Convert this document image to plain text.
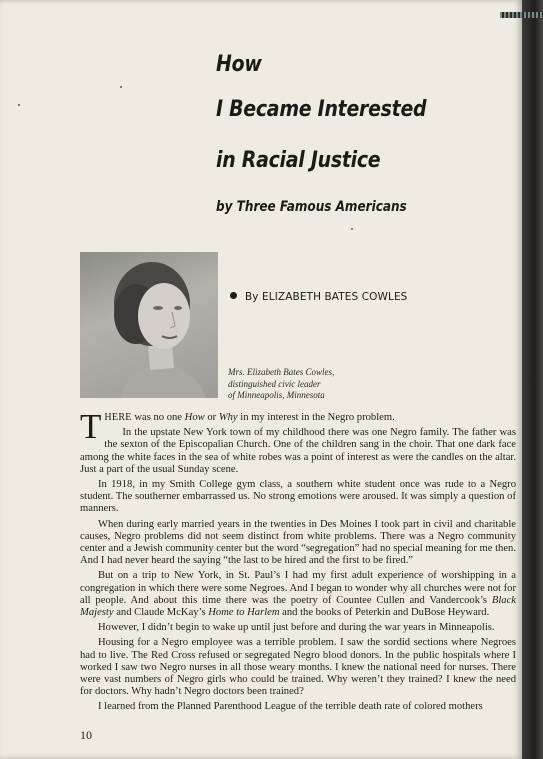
How
I Became Interested
in Racial Justice
by Three Famous Americans
By ELIZABETH BATES COWLES
Mrs. Elizabeth Bates Cowles,
distinguished civic leader
of Minneapolis, Minnesota

THERE was no one How or Why in my interest in the Negro problem.

In the upstate New York town of my childhood there was one Negro family. The father was the sexton of the Episcopalian Church. One of the children sang in the choir. That one dark face among the white faces in the sea of white robes was a point of interest as were the candles on the altar. Just a part of the usual Sunday scene.

In 1918, in my Smith College gym class, a southern white student once was rude to a Negro student. The southerner embarrassed us. No strong emotions were aroused. It was simply a question of manners.

When during early married years in the twenties in Des Moines I took part in civil and charitable causes, Negro problems did not seem distinct from white problems. There was a Negro community center and a Jewish community center but the word “segregation” had no special meaning for me then. And I had never heard the saying “the last to be hired and the first to be fired.”

But on a trip to New York, in St. Paul’s I had my first adult experience of worshipping in a congregation in which there were some Negroes. And I began to wonder why all churches were not for all people. And about this time there was the poetry of Countee Cullen and Vandercook’s Black Majesty and Claude McKay’s Home to Harlem and the books of Peterkin and DuBose Heyward.

However, I didn’t begin to wake up until just before and during the war years in Minneapolis.

Housing for a Negro employee was a terrible problem. I saw the sordid sections where Negroes had to live. The Red Cross refused or segregated Negro blood donors. In the public hospitals where I worked I saw two Negro nurses in all those weary months. I knew the national need for nurses. There were vast numbers of Negro girls who could be trained. Why weren’t they trained? I knew the need for doctors. Why hadn’t Negro doctors been trained?

I learned from the Planned Parenthood League of the terrible death rate of colored mothers

10
